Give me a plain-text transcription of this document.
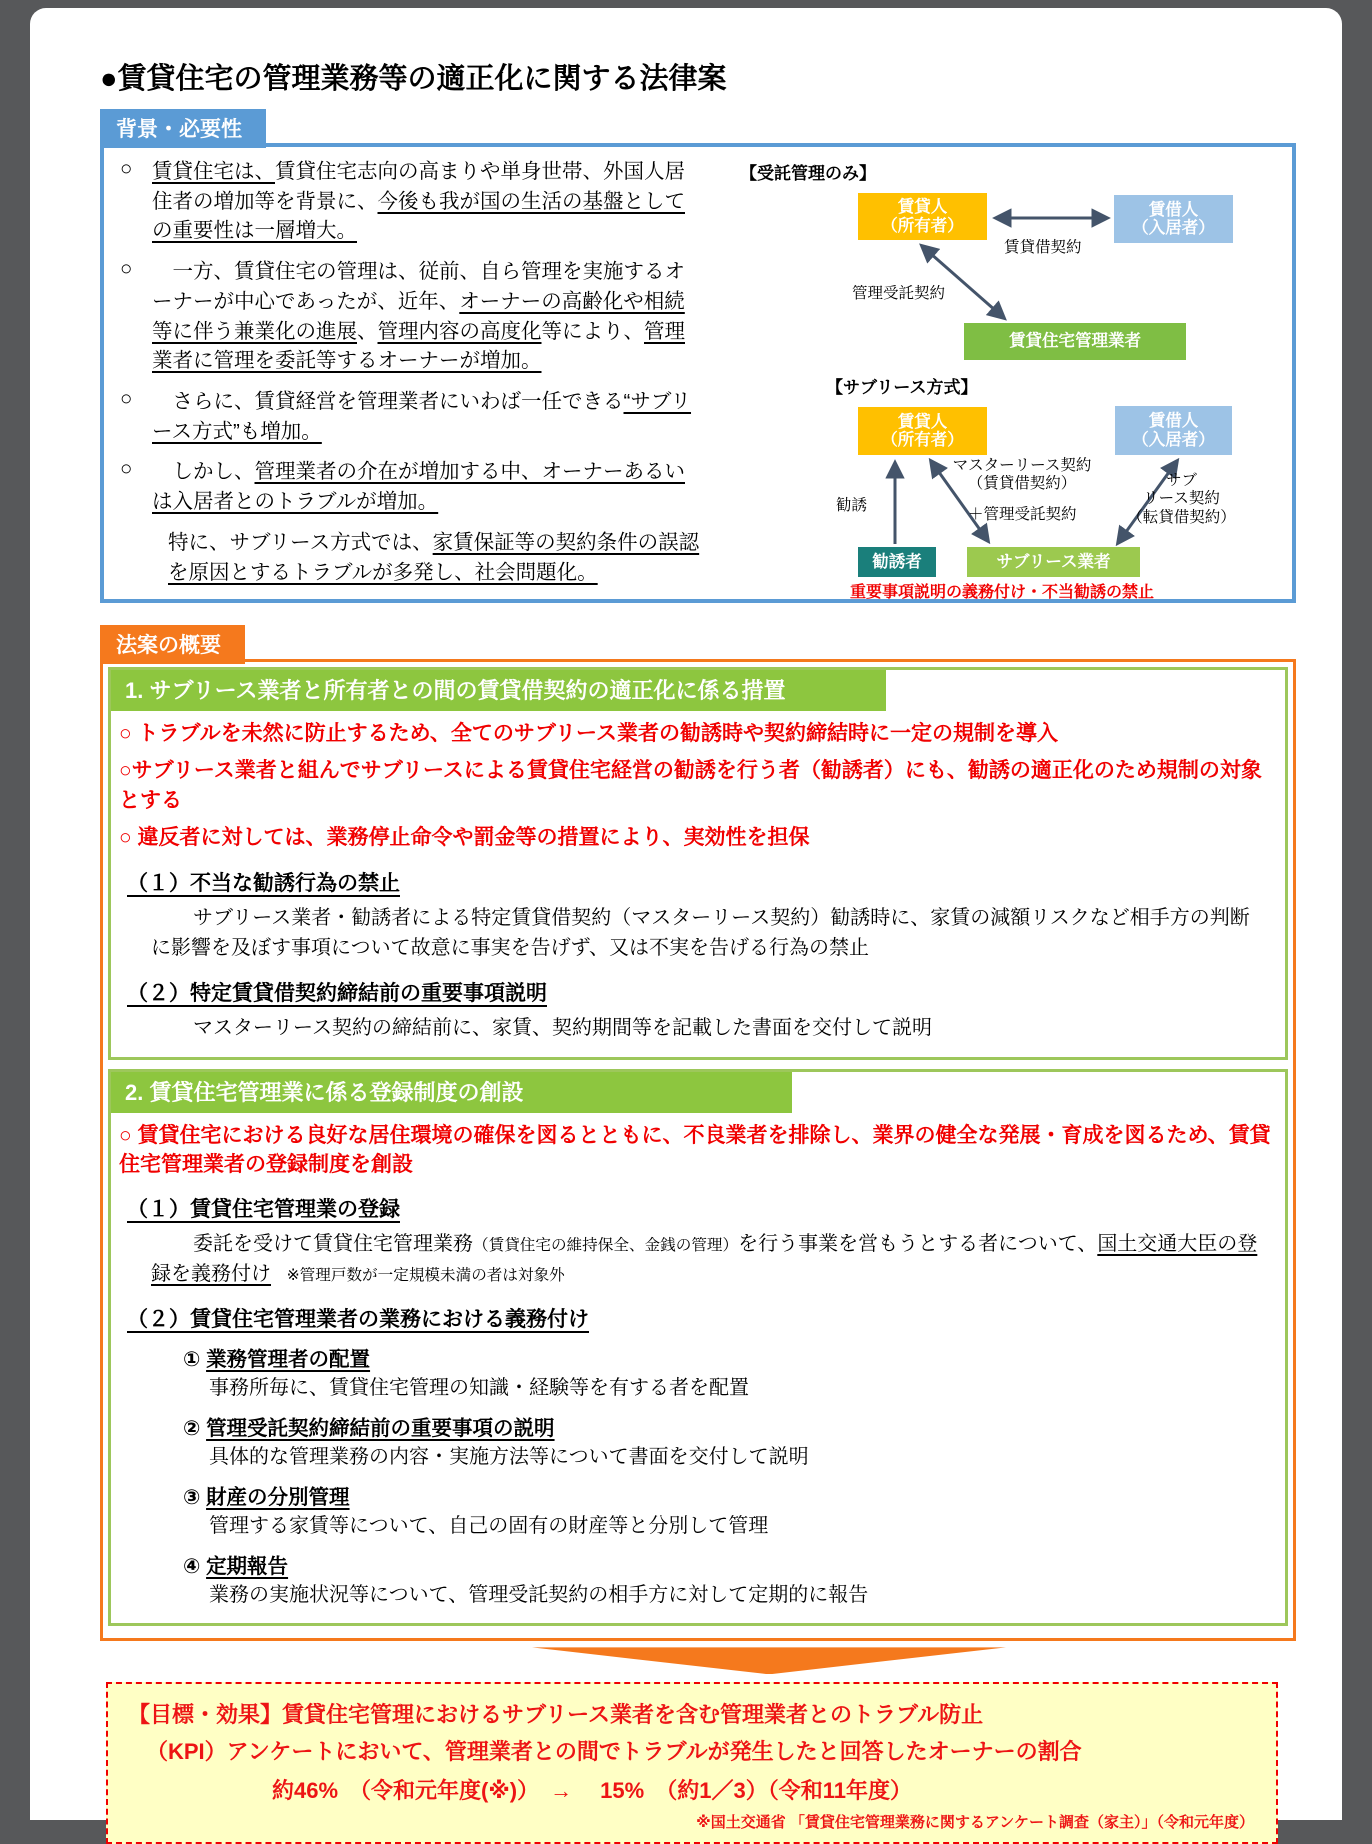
●賃貸住宅の管理業務等の適正化に関する法律案
背景・必要性
○ 賃貸住宅は、賃貸住宅志向の高まりや単身世帯、外国人居住者の増加等を背景に、今後も我が国の生活の基盤としての重要性は一層増大。

○ 　一方、賃貸住宅の管理は、従前、自ら管理を実施するオーナーが中心であったが、近年、オーナーの高齢化や相続等に伴う兼業化の進展、管理内容の高度化等により、管理業者に管理を委託等するオーナーが増加。

○ 　さらに、賃貸経営を管理業者にいわば一任できる“サブリース方式”も増加。

○ 　しかし、管理業者の介在が増加する中、オーナーあるいは入居者とのトラブルが増加。

特に、サブリース方式では、家賃保証等の契約条件の誤認を原因とするトラブルが多発し、社会問題化。

【受託管理のみ】
賃貸人
（所有者）
賃借人
（入居者）
賃貸借契約
管理受託契約
賃貸住宅管理業者
【サブリース方式】
賃貸人
（所有者）
賃借人
（入居者）
勧誘
マスターリース契約
（賃貸借契約）
＋管理受託契約
サブ
リース契約
（転貸借契約）
勧誘者	サブリース業者
重要事項説明の義務付け・不当勧誘の禁止
法案の概要
1. サブリース業者と所有者との間の賃貸借契約の適正化に係る措置

○ トラブルを未然に防止するため、全てのサブリース業者の勧誘時や契約締結時に一定の規制を導入

○サブリース業者と組んでサブリースによる賃貸住宅経営の勧誘を行う者（勧誘者）にも、勧誘の適正化のため規制の対象とする

○ 違反者に対しては、業務停止命令や罰金等の措置により、実効性を担保

（１）不当な勧誘行為の禁止

サブリース業者・勧誘者による特定賃貸借契約（マスターリース契約）勧誘時に、家賃の減額リスクなど相手方の判断に影響を及ぼす事項について故意に事実を告げず、又は不実を告げる行為の禁止

（２）特定賃貸借契約締結前の重要事項説明

マスターリース契約の締結前に、家賃、契約期間等を記載した書面を交付して説明

2. 賃貸住宅管理業に係る登録制度の創設

○ 賃貸住宅における良好な居住環境の確保を図るとともに、不良業者を排除し、業界の健全な発展・育成を図るため、賃貸住宅管理業者の登録制度を創設

（１）賃貸住宅管理業の登録

委託を受けて賃貸住宅管理業務（賃貸住宅の維持保全、金銭の管理）を行う事業を営もうとする者について、国土交通大臣の登録を義務付け　※管理戸数が一定規模未満の者は対象外

（２）賃貸住宅管理業者の業務における義務付け

① 業務管理者の配置

事務所毎に、賃貸住宅管理の知識・経験等を有する者を配置

② 管理受託契約締結前の重要事項の説明

具体的な管理業務の内容・実施方法等について書面を交付して説明

③ 財産の分別管理

管理する家賃等について、自己の固有の財産等と分別して管理

④ 定期報告

業務の実施状況等について、管理受託契約の相手方に対して定期的に報告

【目標・効果】賃貸住宅管理におけるサブリース業者を含む管理業者とのトラブル防止

（KPI）アンケートにおいて、管理業者との間でトラブルが発生したと回答したオーナーの割合

約46%　（令和元年度(※)）　→　 15%　（約1／3）（令和11年度）

※国土交通省 「賃貸住宅管理業務に関するアンケート調査（家主）」（令和元年度）
